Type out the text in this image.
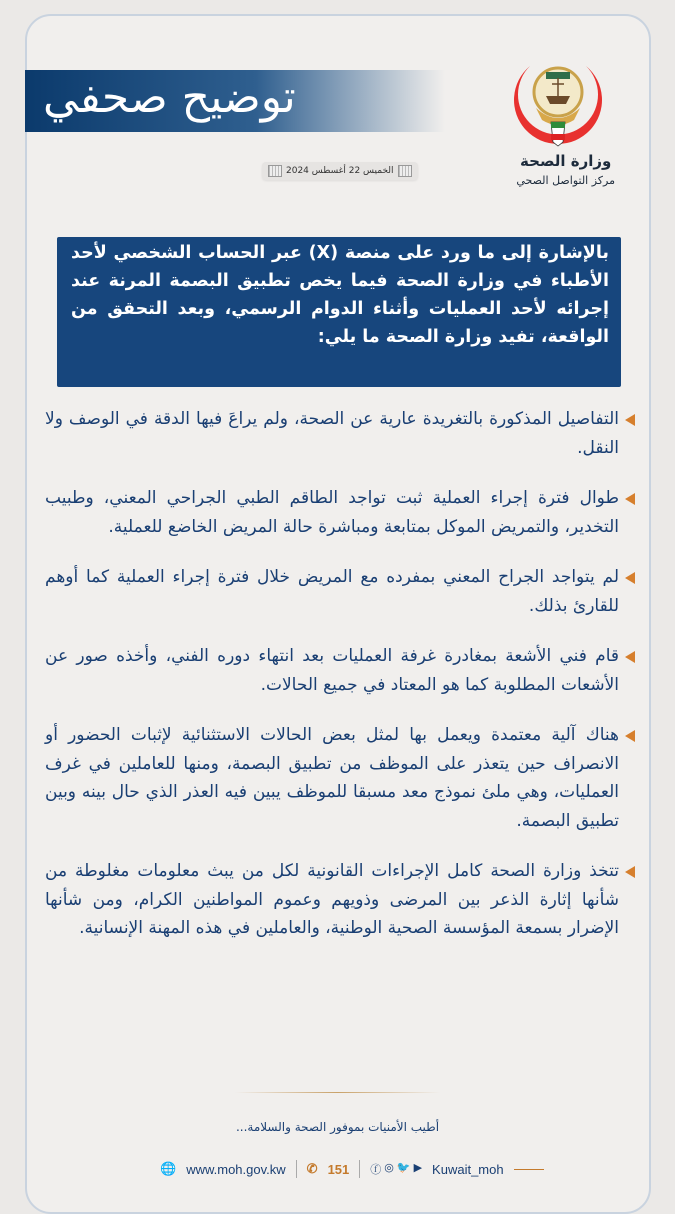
توضيح صحفي
وزارة الصحة
مركز التواصل الصحي
الخميس 22 أغسطس 2024
بالإشارة إلى ما ورد على منصة (X) عبر الحساب الشخصي لأحد الأطباء في وزارة الصحة فيما يخص تطبيق البصمة المرنة عند إجرائه لأحد العمليات وأثناء الدوام الرسمي، وبعد التحقق من الواقعة، تفيد وزارة الصحة ما يلي:
التفاصيل المذكورة بالتغريدة عارية عن الصحة، ولم يراعَ فيها الدقة في الوصف ولا النقل.
طوال فترة إجراء العملية ثبت تواجد الطاقم الطبي الجراحي المعني، وطبيب التخدير، والتمريض الموكل بمتابعة ومباشرة حالة المريض الخاضع للعملية.
لم يتواجد الجراح المعني بمفرده مع المريض خلال فترة إجراء العملية كما أوهم للقارئ بذلك.
قام فني الأشعة بمغادرة غرفة العمليات بعد انتهاء دوره الفني، وأخذه صور عن الأشعات المطلوبة كما هو المعتاد في جميع الحالات.
هناك آلية معتمدة ويعمل بها لمثل بعض الحالات الاستثنائية لإثبات الحضور أو الانصراف حين يتعذر على الموظف من تطبيق البصمة، ومنها للعاملين في غرف العمليات، وهي ملئ نموذج معد مسبقا للموظف يبين فيه العذر الذي حال بينه وبين تطبيق البصمة.
تتخذ وزارة الصحة كامل الإجراءات القانونية لكل من يبث معلومات مغلوطة من شأنها إثارة الذعر بين المرضى وذويهم وعموم المواطنين الكرام، ومن شأنها الإضرار بسمعة المؤسسة الصحية الوطنية، والعاملين في هذه المهنة الإنسانية.
أطيب الأمنيات بموفور الصحة والسلامة...
🌐 www.moh.gov.kw ✆ 151 ⓕ ◎ 🐦 ▶ Kuwait_moh
